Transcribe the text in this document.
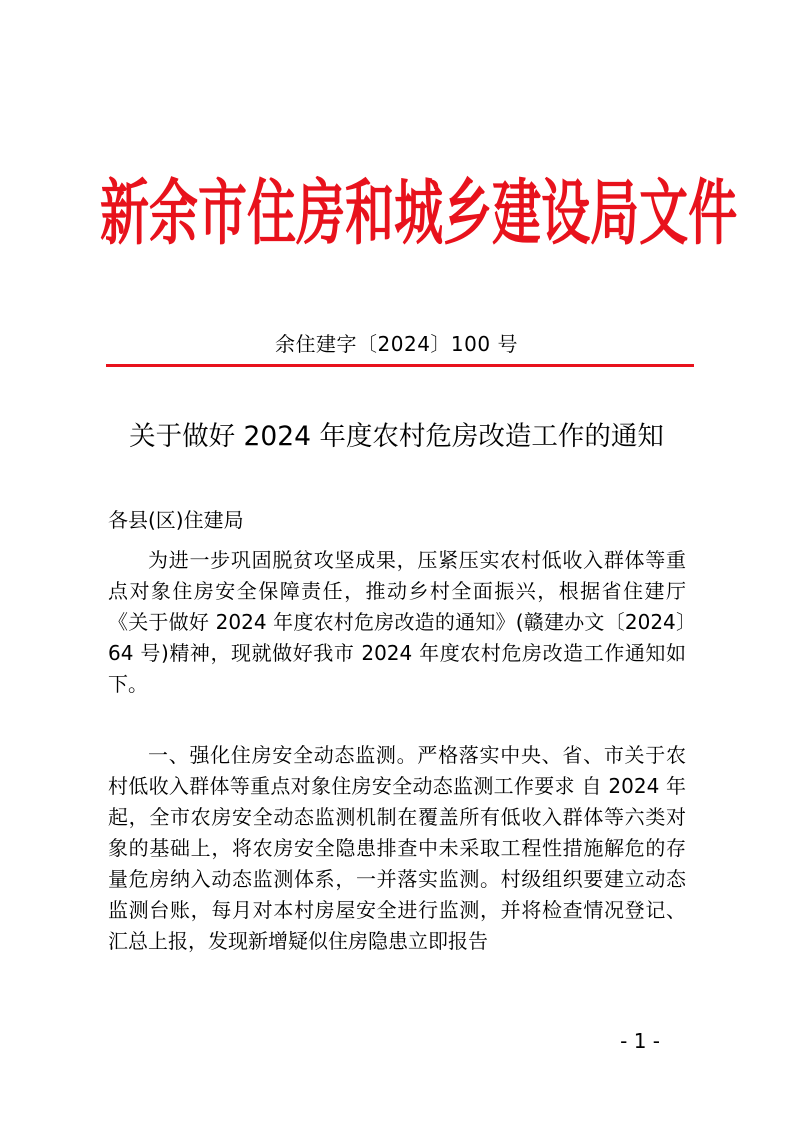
新 余 市 住 房 和 城 乡 建 设 局 文 件
余住建字〔2024〕100 号
关于做好 2024 年度农村危房改造工作的通知
各县(区)住建局
为进一步巩固脱贫攻坚成果，压紧压实农村低收入群体等重点对象住房安全保障责任，推动乡村全面振兴，根据省住建厅《关于做好 2024 年度农村危房改造的通知》(赣建办文〔2024〕64 号)精神，现就做好我市 2024 年度农村危房改造工作通知如下。
一、强化住房安全动态监测。严格落实中央、省、市关于农村低收入群体等重点对象住房安全动态监测工作要求 自 2024 年起，全市农房安全动态监测机制在覆盖所有低收入群体等六类对象的基础上，将农房安全隐患排查中未采取工程性措施解危的存量危房纳入动态监测体系，一并落实监测。村级组织要建立动态监测台账，每月对本村房屋安全进行监测，并将检查情况登记、汇总上报，发现新增疑似住房隐患立即报告
- 1 -
